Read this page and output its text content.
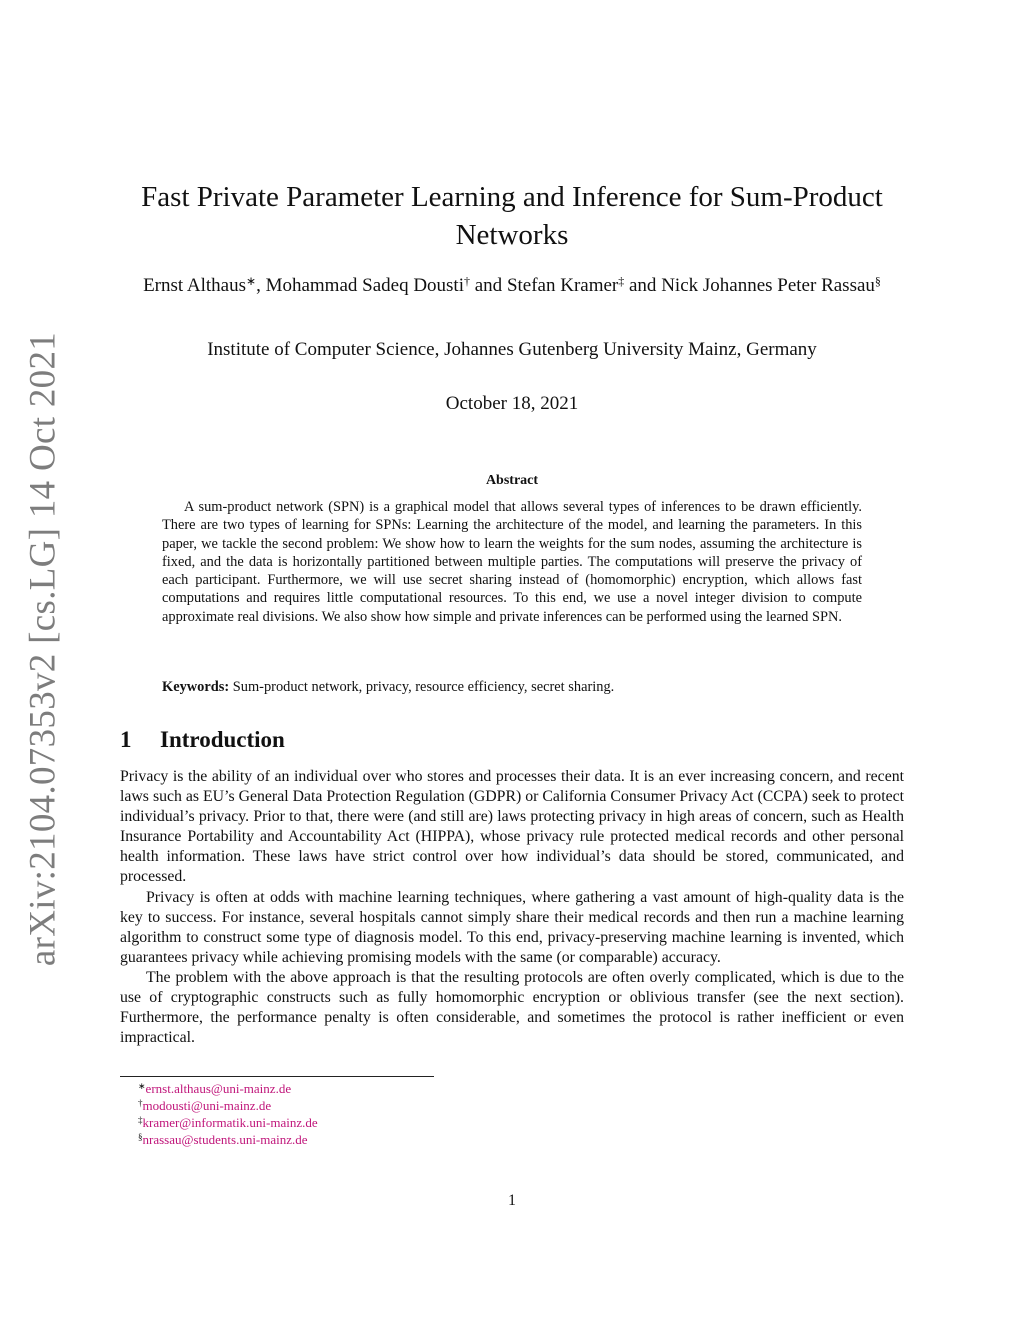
arXiv:2104.07353v2 [cs.LG] 14 Oct 2021
Fast Private Parameter Learning and Inference for Sum-Product Networks
Ernst Althaus∗, Mohammad Sadeq Dousti† and Stefan Kramer‡ and Nick Johannes Peter Rassau§
Institute of Computer Science, Johannes Gutenberg University Mainz, Germany
October 18, 2021
Abstract

A sum-product network (SPN) is a graphical model that allows several types of inferences to be drawn efficiently. There are two types of learning for SPNs: Learning the architecture of the model, and learning the parameters. In this paper, we tackle the second problem: We show how to learn the weights for the sum nodes, assuming the architecture is fixed, and the data is horizontally partitioned between multiple parties. The computations will preserve the privacy of each participant. Furthermore, we will use secret sharing instead of (homomorphic) encryption, which allows fast computations and requires little computational resources. To this end, we use a novel integer division to compute approximate real divisions. We also show how simple and private inferences can be performed using the learned SPN.

Keywords: Sum-product network, privacy, resource efficiency, secret sharing.
1 Introduction

Privacy is the ability of an individual over who stores and processes their data. It is an ever increasing concern, and recent laws such as EU’s General Data Protection Regulation (GDPR) or California Consumer Privacy Act (CCPA) seek to protect individual’s privacy. Prior to that, there were (and still are) laws protecting privacy in high areas of concern, such as Health Insurance Portability and Accountability Act (HIPPA), whose privacy rule protected medical records and other personal health information. These laws have strict control over how individual’s data should be stored, communicated, and processed.

Privacy is often at odds with machine learning techniques, where gathering a vast amount of high-quality data is the key to success. For instance, several hospitals cannot simply share their medical records and then run a machine learning algorithm to construct some type of diagnosis model. To this end, privacy-preserving machine learning is invented, which guarantees privacy while achieving promising models with the same (or comparable) accuracy.

The problem with the above approach is that the resulting protocols are often overly complicated, which is due to the use of cryptographic constructs such as fully homomorphic encryption or oblivious transfer (see the next section). Furthermore, the performance penalty is often considerable, and sometimes the protocol is rather inefficient or even impractical.

∗ernst.althaus@uni-mainz.de
†modousti@uni-mainz.de
‡kramer@informatik.uni-mainz.de
§nrassau@students.uni-mainz.de
1
